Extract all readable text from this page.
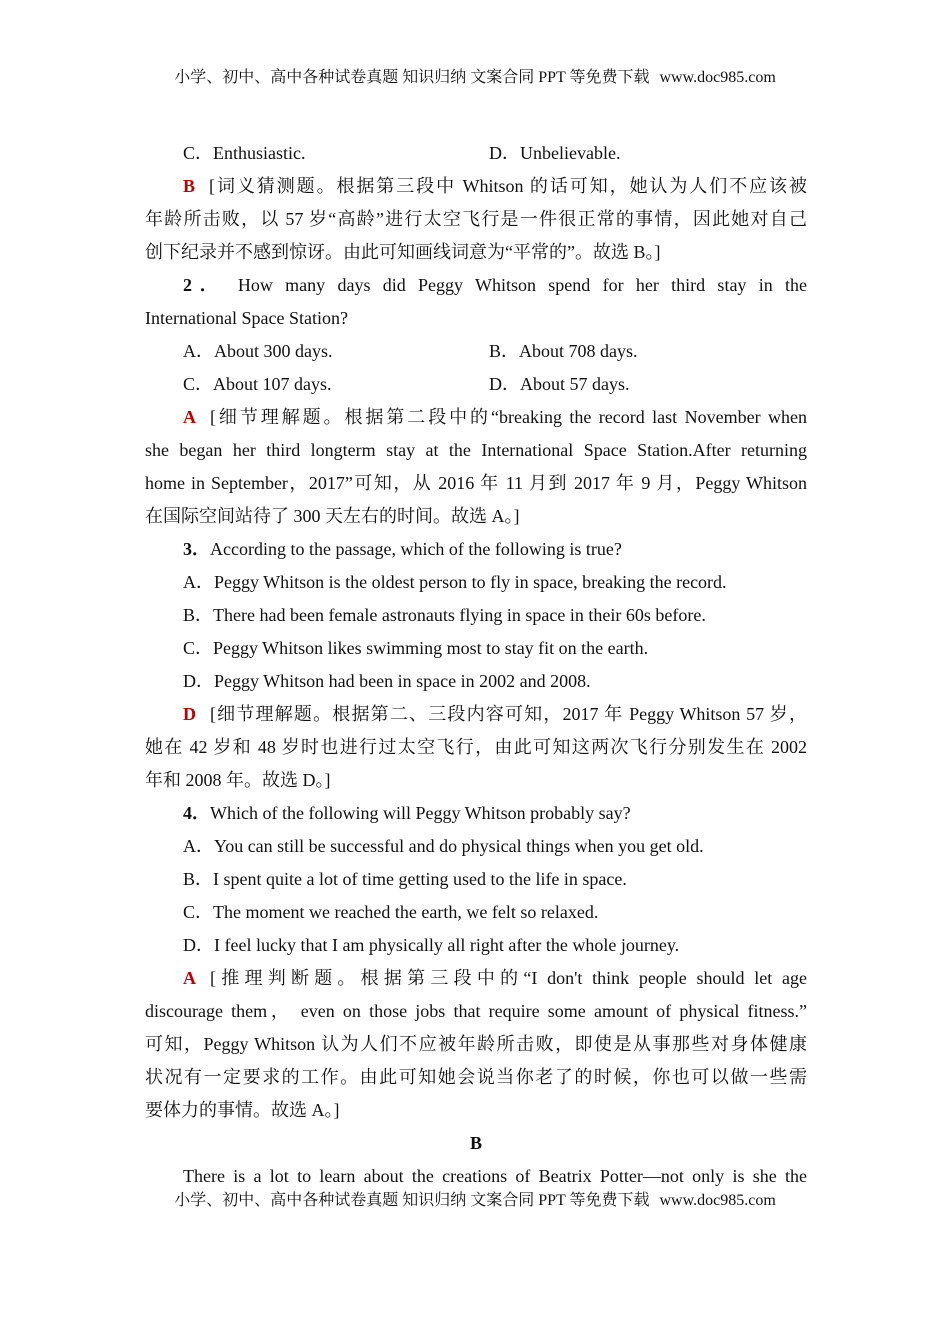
小学、初中、高中各种试卷真题 知识归纳 文案合同 PPT 等免费下载 www.doc985.com
C．Enthusiastic.	D．Unbelievable.
B [词义猜测题。根据第三段中 Whitson 的话可知，她认为人们不应该被
年龄所击败，以 57 岁“高龄”进行太空飞行是一件很正常的事情，因此她对自己
创下纪录并不感到惊讶。由此可知画线词意为“平常的”。故选 B。]
2． How many days did Peggy Whitson spend for her third stay in the
International Space Station?
A．About 300 days.	B．About 708 days.
C．About 107 days.	D．About 57 days.
A [细节理解题。根据第二段中的“breaking the record last November when
she began her third longterm stay at the International Space Station.After returning
home in September，2017”可知，从 2016 年 11 月到 2017 年 9 月，Peggy Whitson
在国际空间站待了 300 天左右的时间。故选 A。]
3．According to the passage, which of the following is true?
A．Peggy Whitson is the oldest person to fly in space, breaking the record.
B．There had been female astronauts flying in space in their 60s before.
C．Peggy Whitson likes swimming most to stay fit on the earth.
D．Peggy Whitson had been in space in 2002 and 2008.
D [细节理解题。根据第二、三段内容可知，2017 年 Peggy Whitson 57 岁，
她在 42 岁和 48 岁时也进行过太空飞行，由此可知这两次飞行分别发生在 2002
年和 2008 年。故选 D。]
4．Which of the following will Peggy Whitson probably say?
A．You can still be successful and do physical things when you get old.
B．I spent quite a lot of time getting used to the life in space.
C．The moment we reached the earth, we felt so relaxed.
D．I feel lucky that I am physically all right after the whole journey.
A [推理判断题。根据第三段中的“I don't think people should let age
discourage them， even on those jobs that require some amount of physical fitness.”
可知，Peggy Whitson 认为人们不应被年龄所击败，即使是从事那些对身体健康
状况有一定要求的工作。由此可知她会说当你老了的时候，你也可以做一些需
要体力的事情。故选 A。]
B
There is a lot to learn about the creations of Beatrix Potter—not only is she the
小学、初中、高中各种试卷真题 知识归纳 文案合同 PPT 等免费下载 www.doc985.com
